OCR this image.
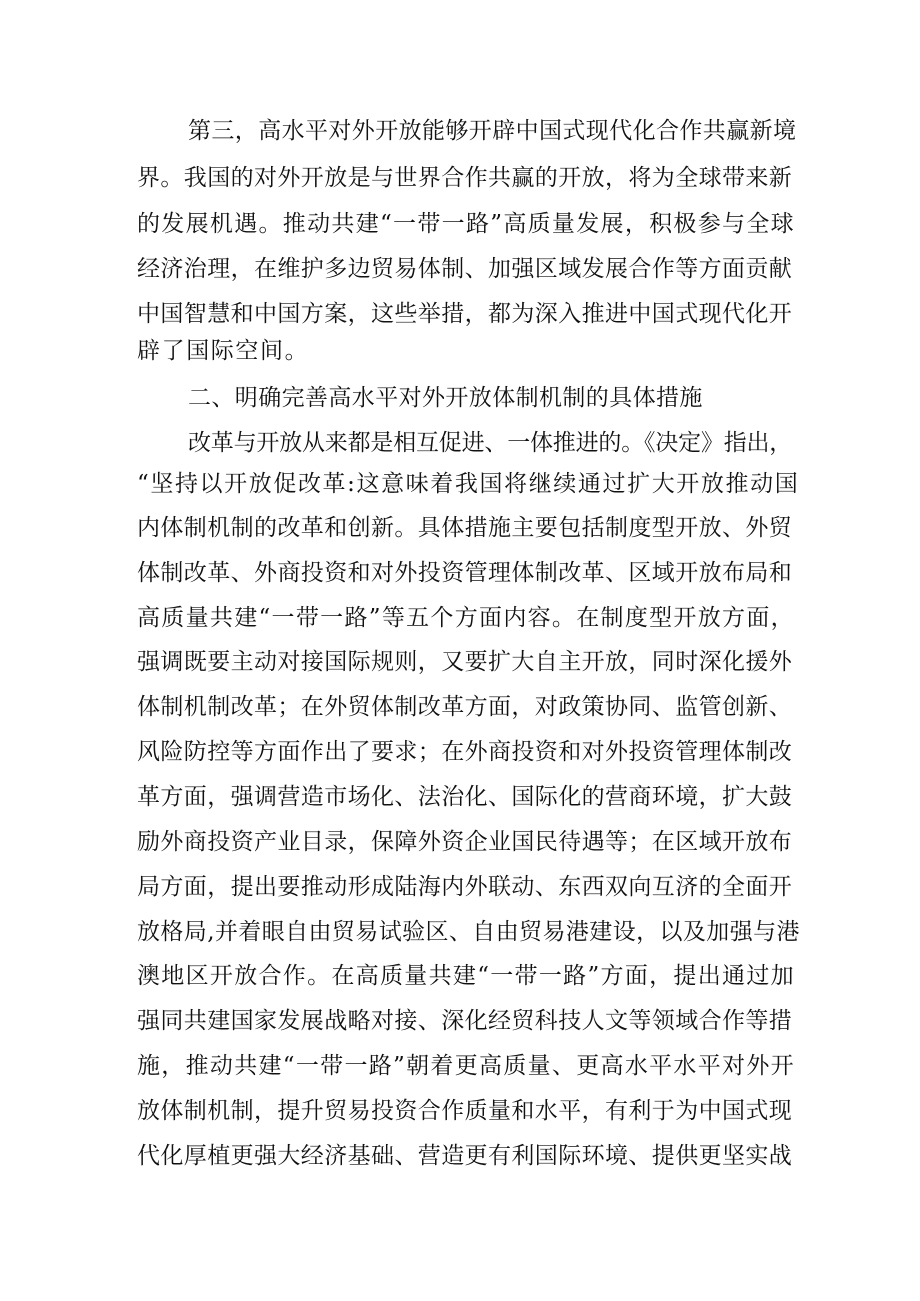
第三，高水平对外开放能够开辟中国式现代化合作共赢新境
界。我国的对外开放是与世界合作共赢的开放，将为全球带来新
的发展机遇。推动共建“一带一路”高质量发展，积极参与全球
经济治理，在维护多边贸易体制、加强区域发展合作等方面贡献
中国智慧和中国方案，这些举措，都为深入推进中国式现代化开
辟了国际空间。
二、明确完善高水平对外开放体制机制的具体措施
改革与开放从来都是相互促进、一体推进的。《决定》指出，
“坚持以开放促改革:这意味着我国将继续通过扩大开放推动国
内体制机制的改革和创新。具体措施主要包括制度型开放、外贸
体制改革、外商投资和对外投资管理体制改革、区域开放布局和
高质量共建“一带一路”等五个方面内容。在制度型开放方面，
强调既要主动对接国际规则，又要扩大自主开放，同时深化援外
体制机制改革；在外贸体制改革方面，对政策协同、监管创新、
风险防控等方面作出了要求；在外商投资和对外投资管理体制改
革方面，强调营造市场化、法治化、国际化的营商环境，扩大鼓
励外商投资产业目录，保障外资企业国民待遇等；在区域开放布
局方面，提出要推动形成陆海内外联动、东西双向互济的全面开
放格局,并着眼自由贸易试验区、自由贸易港建设，以及加强与港
澳地区开放合作。在高质量共建“一带一路”方面，提出通过加
强同共建国家发展战略对接、深化经贸科技人文等领域合作等措
施，推动共建“一带一路”朝着更高质量、更高水平水平对外开
放体制机制，提升贸易投资合作质量和水平，有利于为中国式现
代化厚植更强大经济基础、营造更有利国际环境、提供更坚实战
